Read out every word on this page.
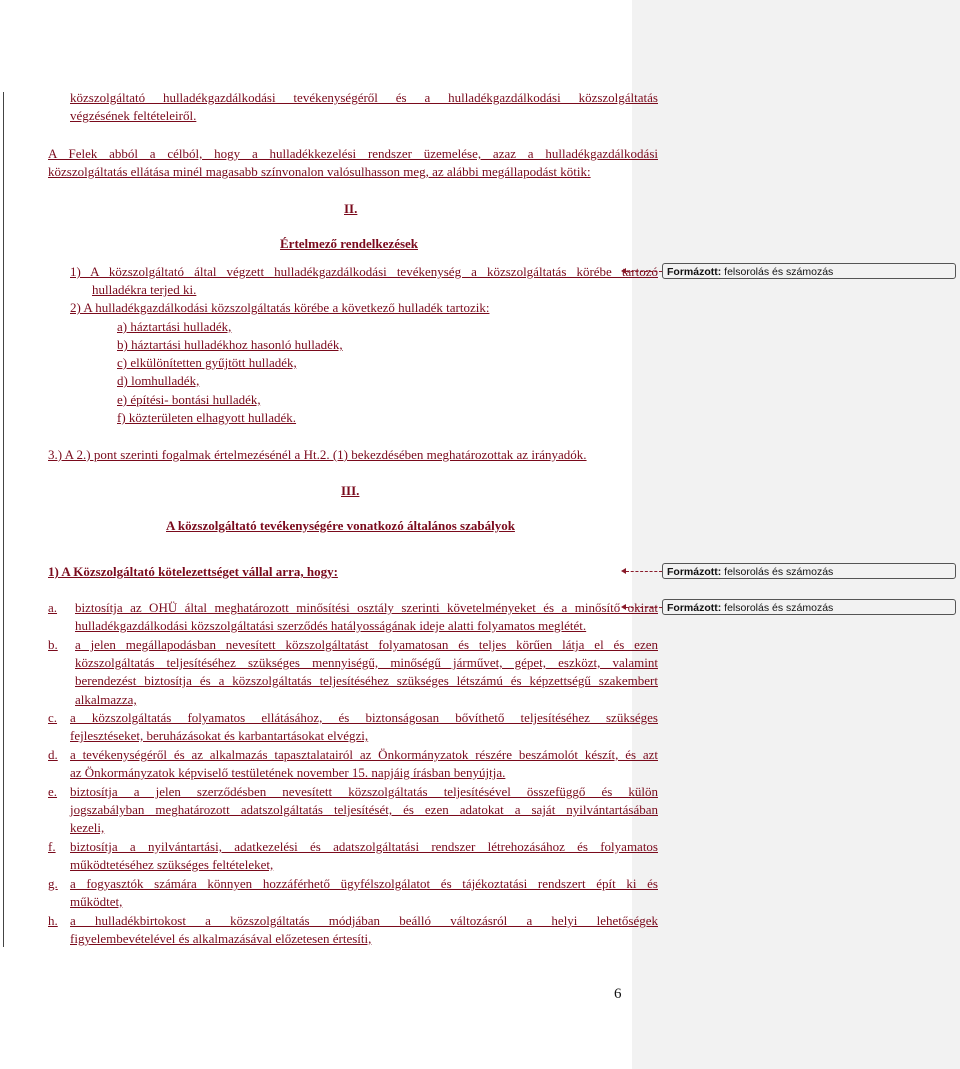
közszolgáltató hulladékgazdálkodási tevékenységéről és a hulladékgazdálkodási közszolgáltatás
végzésének feltételeiről.
A Felek abból a célból, hogy a hulladékkezelési rendszer üzemelése, azaz a hulladékgazdálkodási
közszolgáltatás ellátása minél magasabb színvonalon valósulhasson meg, az alábbi megállapodást kötik:
II.
Értelmező rendelkezések
1) A közszolgáltató által végzett hulladékgazdálkodási tevékenység a közszolgáltatás körébe tartozó
hulladékra terjed ki.
2) A hulladékgazdálkodási közszolgáltatás körébe a következő hulladék tartozik:
a) háztartási hulladék,
b) háztartási hulladékhoz hasonló hulladék,
c) elkülönítetten gyűjtött hulladék,
d) lomhulladék,
e) építési- bontási hulladék,
f) közterületen elhagyott hulladék.
3.) A 2.) pont szerinti fogalmak értelmezésénél a Ht.2. (1) bekezdésében meghatározottak az irányadók.
III.
A közszolgáltató tevékenységére vonatkozó általános szabályok
1) A Közszolgáltató kötelezettséget vállal arra, hogy:
a. biztosítja az OHÜ által meghatározott minősítési osztály szerinti követelményeket és a minősítő okirat
hulladékgazdálkodási közszolgáltatási szerződés hatályosságának ideje alatti folyamatos meglétét.
b. a jelen megállapodásban nevesített közszolgáltatást folyamatosan és teljes körűen látja el és ezen
közszolgáltatás teljesítéséhez szükséges mennyiségű, minőségű járművet, gépet, eszközt, valamint
berendezést biztosítja és a közszolgáltatás teljesítéséhez szükséges létszámú és képzettségű szakembert
alkalmazza,
c. a közszolgáltatás folyamatos ellátásához, és biztonságosan bővíthető teljesítéséhez szükséges
fejlesztéseket, beruházásokat és karbantartásokat elvégzi,
d. a tevékenységéről és az alkalmazás tapasztalatairól az Önkormányzatok részére beszámolót készít, és azt
az Önkormányzatok képviselő testületének november 15. napjáig írásban benyújtja.
e. biztosítja a jelen szerződésben nevesített közszolgáltatás teljesítésével összefüggő és külön
jogszabályban meghatározott adatszolgáltatás teljesítését, és ezen adatokat a saját nyilvántartásában
kezeli,
f. biztosítja a nyilvántartási, adatkezelési és adatszolgáltatási rendszer létrehozásához és folyamatos
működtetéséhez szükséges feltételeket,
g. a fogyasztók számára könnyen hozzáférhető ügyfélszolgálatot és tájékoztatási rendszert épít ki és
működtet,
h. a hulladékbirtokost a közszolgáltatás módjában beálló változásról a helyi lehetőségek
figyelembevételével és alkalmazásával előzetesen értesíti,
6
Formázott: felsorolás és számozás
Formázott: felsorolás és számozás
Formázott: felsorolás és számozás
